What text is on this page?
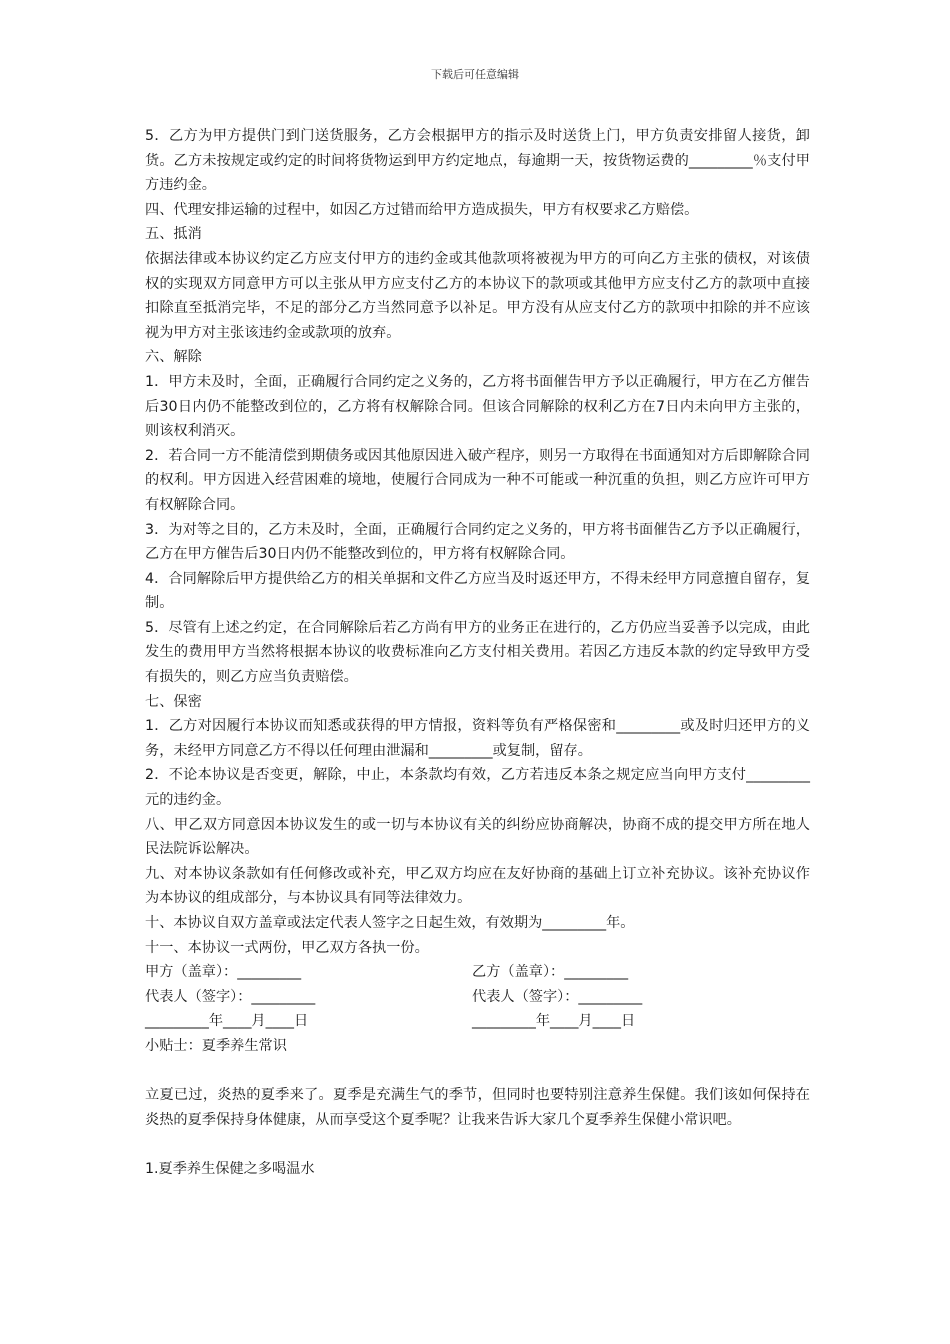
下载后可任意编辑

5．乙方为甲方提供门到门送货服务，乙方会根据甲方的指示及时送货上门，甲方负责安排留人接货，卸货。乙方未按规定或约定的时间将货物运到甲方约定地点，每逾期一天，按货物运费的_________％支付甲方违约金。

四、代理安排运输的过程中，如因乙方过错而给甲方造成损失，甲方有权要求乙方赔偿。

五、抵消

依据法律或本协议约定乙方应支付甲方的违约金或其他款项将被视为甲方的可向乙方主张的债权，对该债权的实现双方同意甲方可以主张从甲方应支付乙方的本协议下的款项或其他甲方应支付乙方的款项中直接扣除直至抵消完毕，不足的部分乙方当然同意予以补足。甲方没有从应支付乙方的款项中扣除的并不应该视为甲方对主张该违约金或款项的放弃。

六、解除

1．甲方未及时，全面，正确履行合同约定之义务的，乙方将书面催告甲方予以正确履行，甲方在乙方催告后30日内仍不能整改到位的，乙方将有权解除合同。但该合同解除的权利乙方在7日内未向甲方主张的，则该权利消灭。

2．若合同一方不能清偿到期债务或因其他原因进入破产程序，则另一方取得在书面通知对方后即解除合同的权利。甲方因进入经营困难的境地，使履行合同成为一种不可能或一种沉重的负担，则乙方应许可甲方有权解除合同。

3．为对等之目的，乙方未及时，全面，正确履行合同约定之义务的，甲方将书面催告乙方予以正确履行，乙方在甲方催告后30日内仍不能整改到位的，甲方将有权解除合同。

4．合同解除后甲方提供给乙方的相关单据和文件乙方应当及时返还甲方，不得未经甲方同意擅自留存，复制。

5．尽管有上述之约定，在合同解除后若乙方尚有甲方的业务正在进行的，乙方仍应当妥善予以完成，由此发生的费用甲方当然将根据本协议的收费标准向乙方支付相关费用。若因乙方违反本款的约定导致甲方受有损失的，则乙方应当负责赔偿。

七、保密

1．乙方对因履行本协议而知悉或获得的甲方情报，资料等负有严格保密和_________或及时归还甲方的义务，未经甲方同意乙方不得以任何理由泄漏和_________或复制，留存。

2．不论本协议是否变更，解除，中止，本条款均有效，乙方若违反本条之规定应当向甲方支付_________元的违约金。

八、甲乙双方同意因本协议发生的或一切与本协议有关的纠纷应协商解决，协商不成的提交甲方所在地人民法院诉讼解决。

九、对本协议条款如有任何修改或补充，甲乙双方均应在友好协商的基础上订立补充协议。该补充协议作为本协议的组成部分，与本协议具有同等法律效力。

十、本协议自双方盖章或法定代表人签字之日起生效，有效期为_________年。

十一、本协议一式两份，甲乙双方各执一份。

甲方（盖章）：_________	乙方（盖章）：_________
代表人（签字）：_________	代表人（签字）：_________
_________年____月____日	_________年____月____日

小贴士：夏季养生常识

立夏已过，炎热的夏季来了。夏季是充满生气的季节，但同时也要特别注意养生保健。我们该如何保持在炎热的夏季保持身体健康，从而享受这个夏季呢？让我来告诉大家几个夏季养生保健小常识吧。

1.夏季养生保健之多喝温水
